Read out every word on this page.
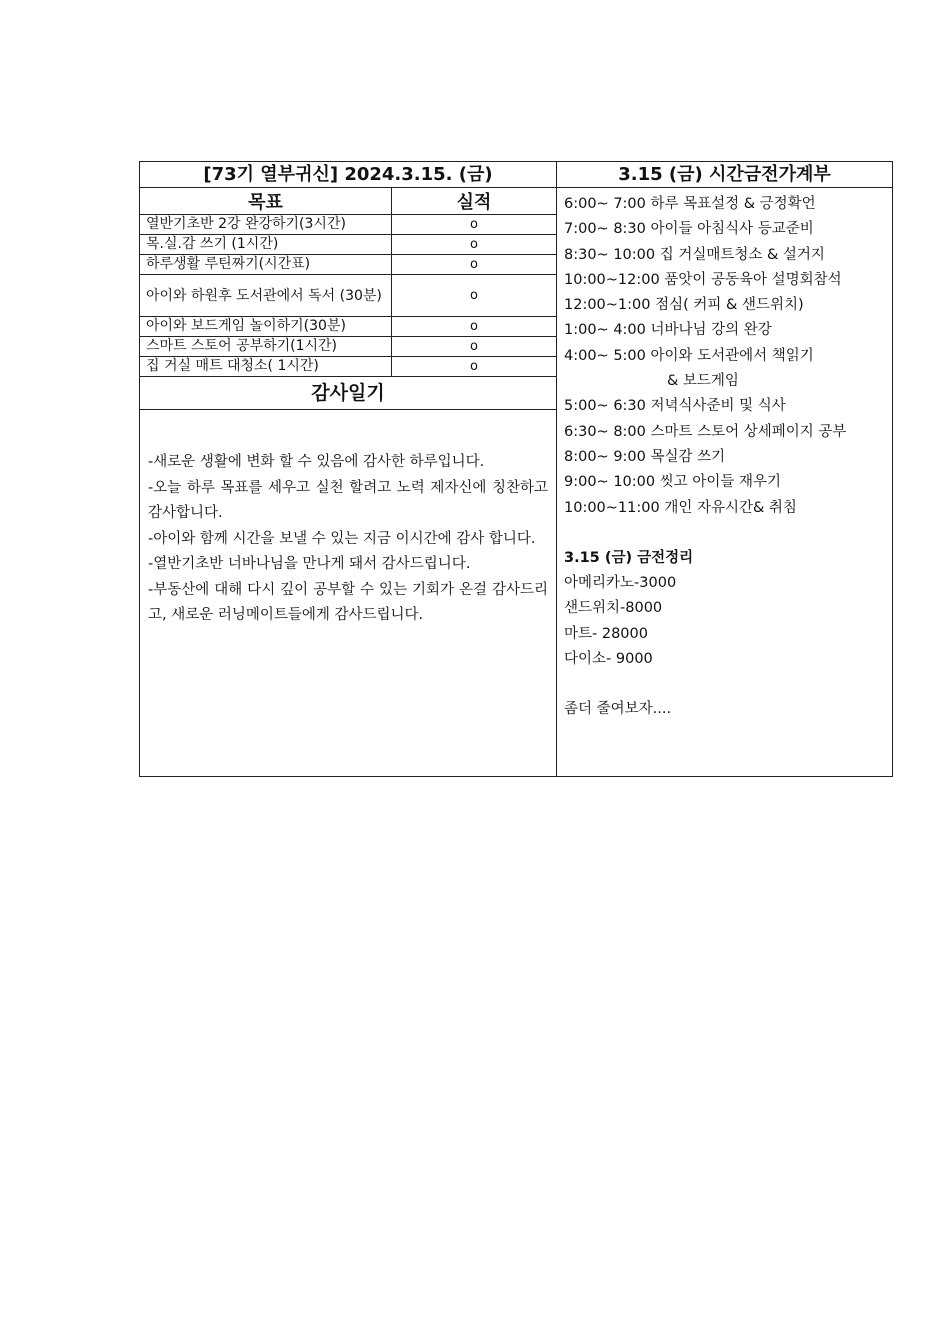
[73기 열부귀신] 2024.3.15. (금)
목표	실적
열반기초반 2강 완강하기(3시간)	o
목.실.감 쓰기 (1시간)	o
하루생활 루틴짜기(시간표)	o
아이와 하원후 도서관에서 독서 (30분)	o
아이와 보드게임 놀이하기(30분)	o
스마트 스토어 공부하기(1시간)	o
집 거실 매트 대청소( 1시간)	o
감사일기

-새로운 생활에 변화 할 수 있음에 감사한 하루입니다.

-오늘 하루 목표를 세우고 실천 할려고 노력 제자신에 칭찬하고 감사합니다.

-아이와 함께 시간을 보낼 수 있는 지금 이시간에 감사 합니다.

-열반기초반 너바나님을 만나게 돼서 감사드립니다.

-부동산에 대해 다시 깊이 공부할 수 있는 기회가 온걸 감사드리고, 새로운 러닝메이트들에게 감사드립니다.

3.15 (금) 시간금전가계부
6:00~ 7:00 하루 목표설정 & 긍정확언
7:00~ 8:30 아이들 아침식사 등교준비
8:30~ 10:00 집 거실매트청소 & 설거지
10:00~12:00 품앗이 공동육아 설명회참석
12:00~1:00 점심( 커피 & 샌드위치)
1:00~ 4:00 너바나님 강의 완강
4:00~ 5:00 아이와 도서관에서 책읽기
& 보드게임
5:00~ 6:30 저녁식사준비 및 식사
6:30~ 8:00 스마트 스토어 상세페이지 공부
8:00~ 9:00 목실감 쓰기
9:00~ 10:00 씻고 아이들 재우기
10:00~11:00 개인 자유시간& 취침
3.15 (금) 금전정리
아메리카노-3000
샌드위치-8000
마트- 28000
다이소- 9000
좀더 줄여보자....
